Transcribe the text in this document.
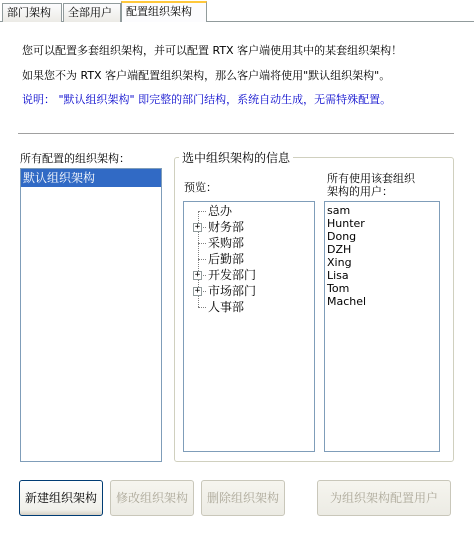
部门架构	全部用户	配置组织架构
您可以配置多套组织架构，并可以配置 RTX 客户端使用其中的某套组织架构！
如果您不为 RTX 客户端配置组织架构，那么客户端将使用"默认组织架构"。
说明： "默认组织架构" 即完整的部门结构，系统自动生成，无需特殊配置。
所有配置的组织架构：
默认组织架构
选中组织架构的信息
预览：
所有使用该套组织
架构的用户：
总办
+ 财务部
采购部
后勤部
+ 开发部门
+ 市场部门
人事部
sam
Hunter
Dong
DZH
Xing
Lisa
Tom
Machel
新建组织架构	修改组织架构	删除组织架构	为组织架构配置用户
